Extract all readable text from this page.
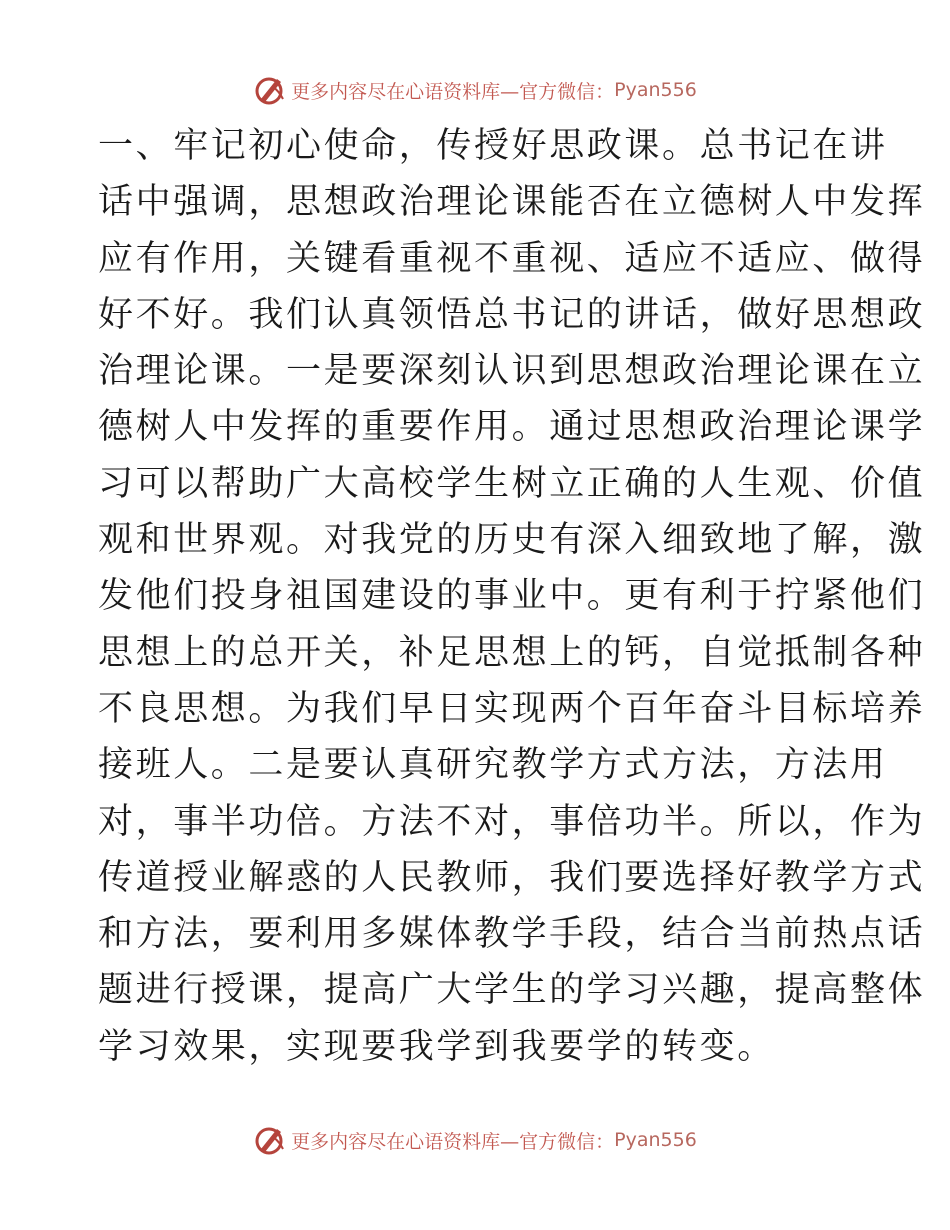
更多内容尽在心语资料库—官方微信： Pyan556
一、牢记初心使命，传授好思政课。总书记在讲
话中强调，思想政治理论课能否在立德树人中发挥
应有作用，关键看重视不重视、适应不适应、做得
好不好。我们认真领悟总书记的讲话，做好思想政
治理论课。一是要深刻认识到思想政治理论课在立
德树人中发挥的重要作用。通过思想政治理论课学
习可以帮助广大高校学生树立正确的人生观、价值
观和世界观。对我党的历史有深入细致地了解，激
发他们投身祖国建设的事业中。更有利于拧紧他们
思想上的总开关，补足思想上的钙，自觉抵制各种
不良思想。为我们早日实现两个百年奋斗目标培养
接班人。二是要认真研究教学方式方法，方法用
对，事半功倍。方法不对，事倍功半。所以，作为
传道授业解惑的人民教师，我们要选择好教学方式
和方法，要利用多媒体教学手段，结合当前热点话
题进行授课，提高广大学生的学习兴趣，提高整体
学习效果，实现要我学到我要学的转变。
更多内容尽在心语资料库—官方微信： Pyan556
